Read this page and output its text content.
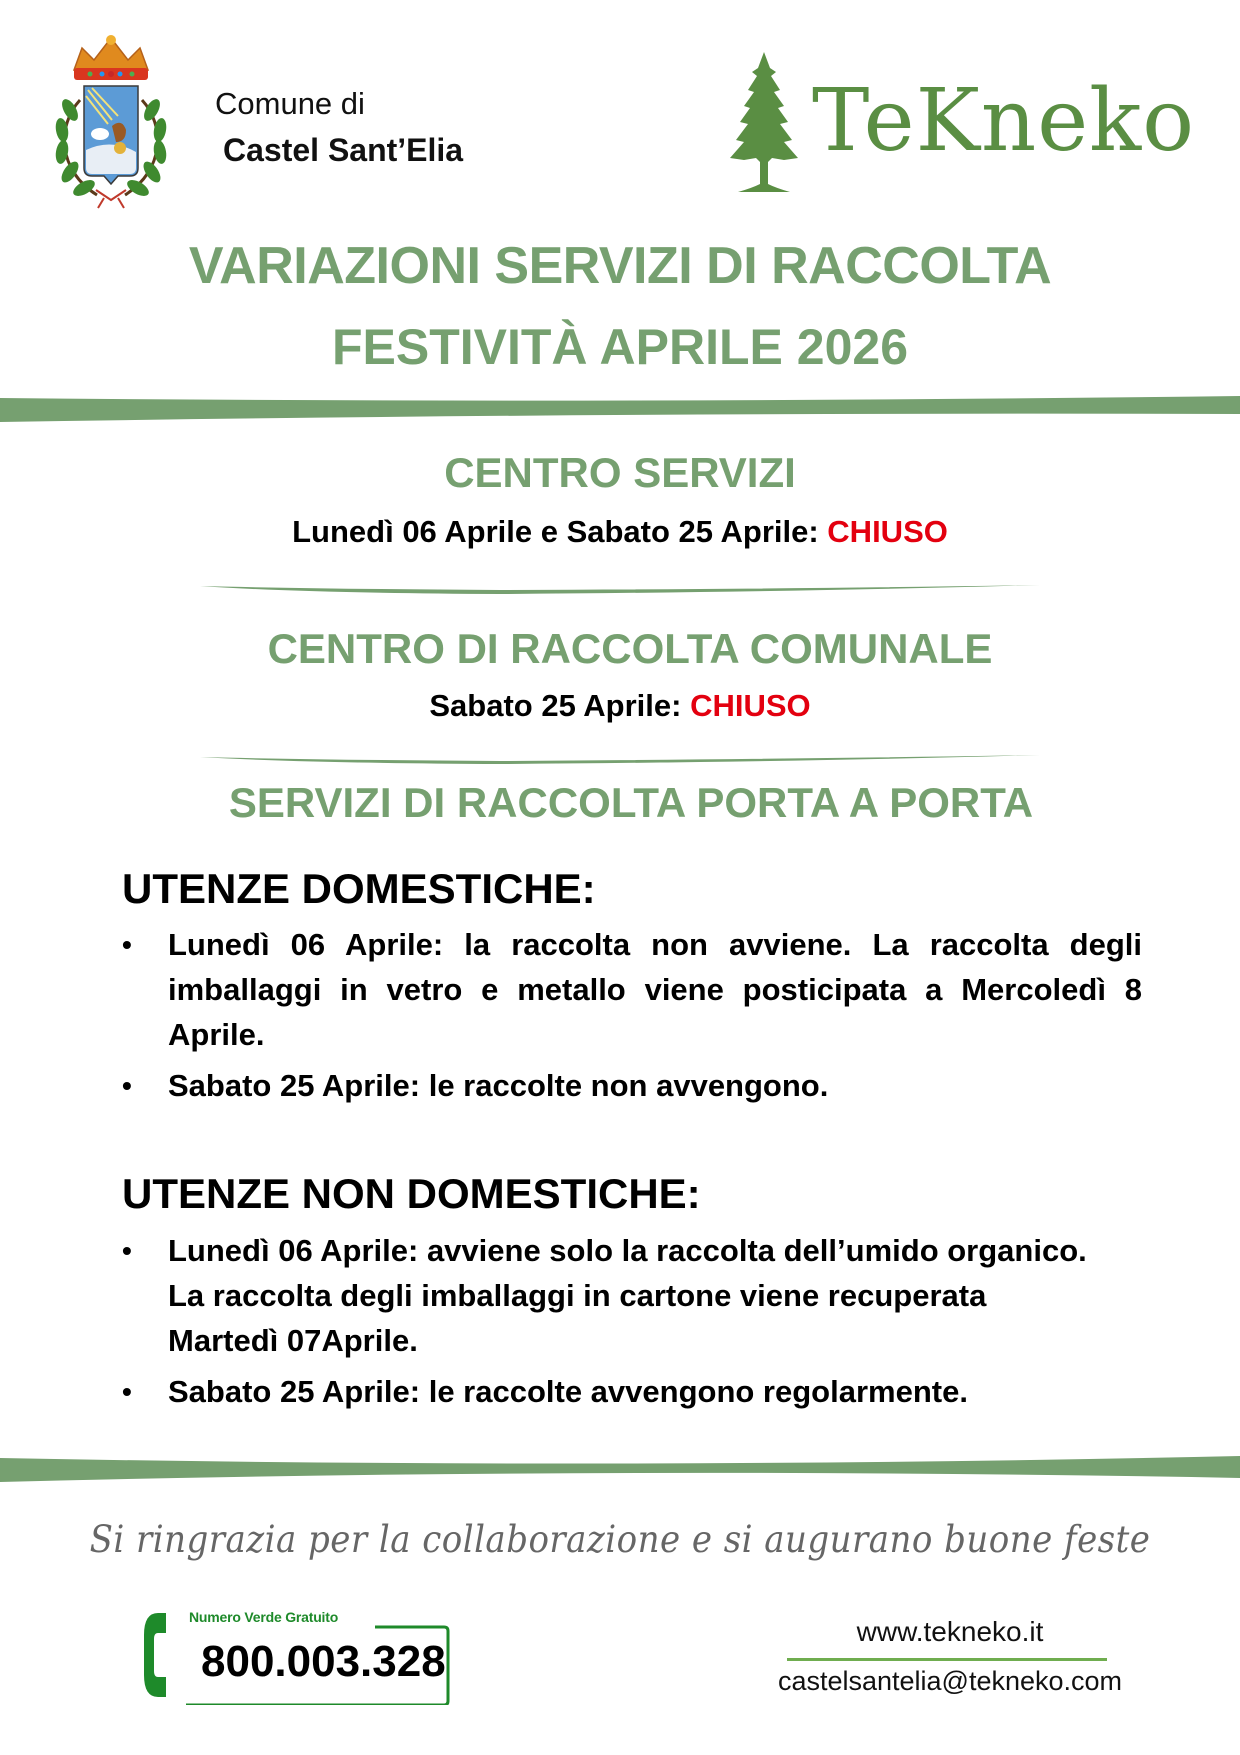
Comune di
Castel Sant’Elia	TeKneko
VARIAZIONI SERVIZI DI RACCOLTA
FESTIVITÀ APRILE 2026
CENTRO SERVIZI
Lunedì 06 Aprile e Sabato 25 Aprile: CHIUSO
CENTRO DI RACCOLTA COMUNALE
Sabato 25 Aprile: CHIUSO
SERVIZI DI RACCOLTA PORTA A PORTA
UTENZE DOMESTICHE:
• Lunedì 06 Aprile: la raccolta non avviene. La raccolta degli imballaggi in vetro e metallo viene posticipata a Mercoledì 8 Aprile.
• Sabato 25 Aprile: le raccolte non avvengono.
UTENZE NON DOMESTICHE:
• Lunedì 06 Aprile: avviene solo la raccolta dell’umido organico.
La raccolta degli imballaggi in cartone viene recuperata
Martedì 07Aprile.
• Sabato 25 Aprile: le raccolte avvengono regolarmente.
Si ringrazia per la collaborazione e si augurano buone feste
Numero Verde Gratuito
800.003.328
www.tekneko.it
castelsantelia@tekneko.com
